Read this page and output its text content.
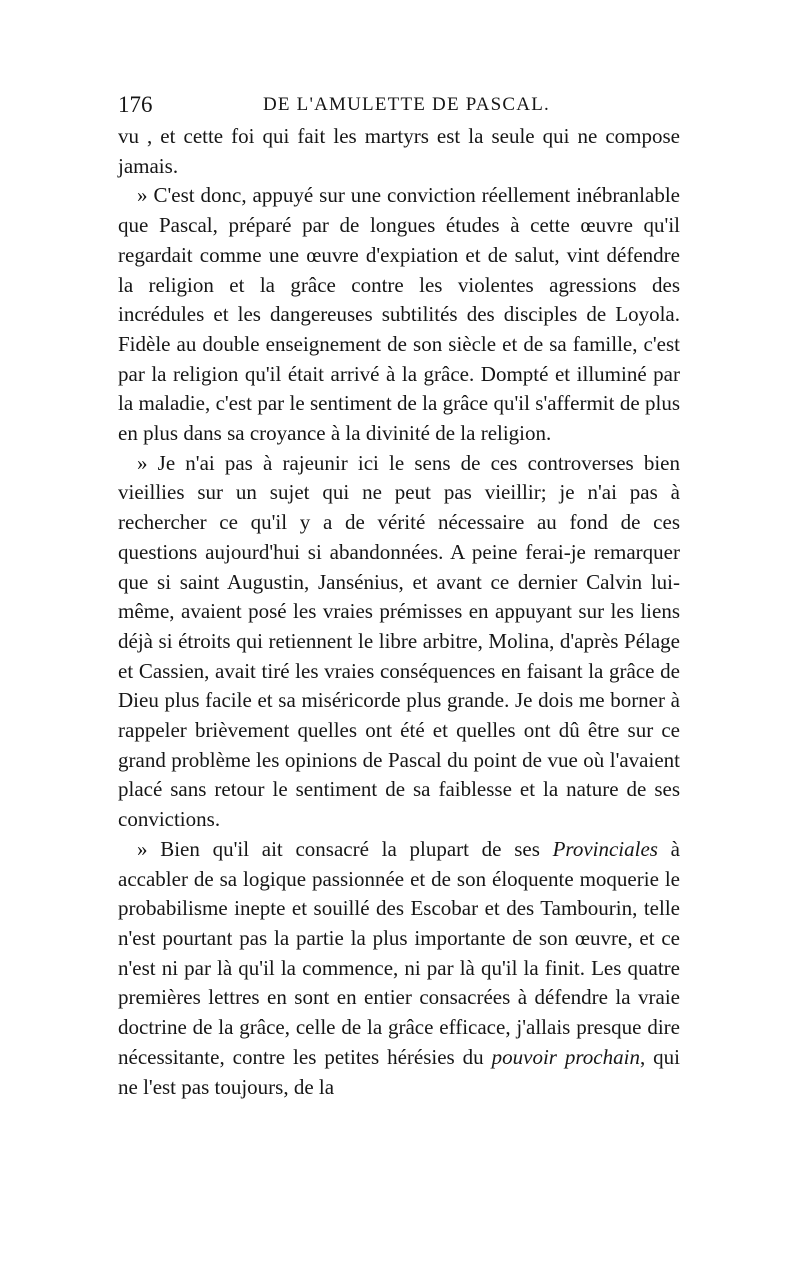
176	DE L'AMULETTE DE PASCAL.

vu , et cette foi qui fait les martyrs est la seule qui ne compose jamais.

» C'est donc, appuyé sur une conviction réellement inébranlable que Pascal, préparé par de longues études à cette œuvre qu'il regardait comme une œuvre d'expiation et de salut, vint défendre la religion et la grâce contre les violentes agressions des incrédules et les dangereuses subtilités des disciples de Loyola. Fidèle au double enseignement de son siècle et de sa famille, c'est par la religion qu'il était arrivé à la grâce. Dompté et illuminé par la maladie, c'est par le sentiment de la grâce qu'il s'affermit de plus en plus dans sa croyance à la divinité de la religion.

» Je n'ai pas à rajeunir ici le sens de ces controverses bien vieillies sur un sujet qui ne peut pas vieillir; je n'ai pas à rechercher ce qu'il y a de vérité nécessaire au fond de ces questions aujourd'hui si abandonnées. A peine ferai-je remarquer que si saint Augustin, Jansénius, et avant ce dernier Calvin lui-même, avaient posé les vraies prémisses en appuyant sur les liens déjà si étroits qui retiennent le libre arbitre, Molina, d'après Pélage et Cassien, avait tiré les vraies conséquences en faisant la grâce de Dieu plus facile et sa miséricorde plus grande. Je dois me borner à rappeler brièvement quelles ont été et quelles ont dû être sur ce grand problème les opinions de Pascal du point de vue où l'avaient placé sans retour le sentiment de sa faiblesse et la nature de ses convictions.

» Bien qu'il ait consacré la plupart de ses Provinciales à accabler de sa logique passionnée et de son éloquente moquerie le probabilisme inepte et souillé des Escobar et des Tambourin, telle n'est pourtant pas la partie la plus importante de son œuvre, et ce n'est ni par là qu'il la commence, ni par là qu'il la finit. Les quatre premières lettres en sont en entier consacrées à défendre la vraie doctrine de la grâce, celle de la grâce efficace, j'allais presque dire nécessitante, contre les petites hérésies du pouvoir prochain, qui ne l'est pas toujours, de la
